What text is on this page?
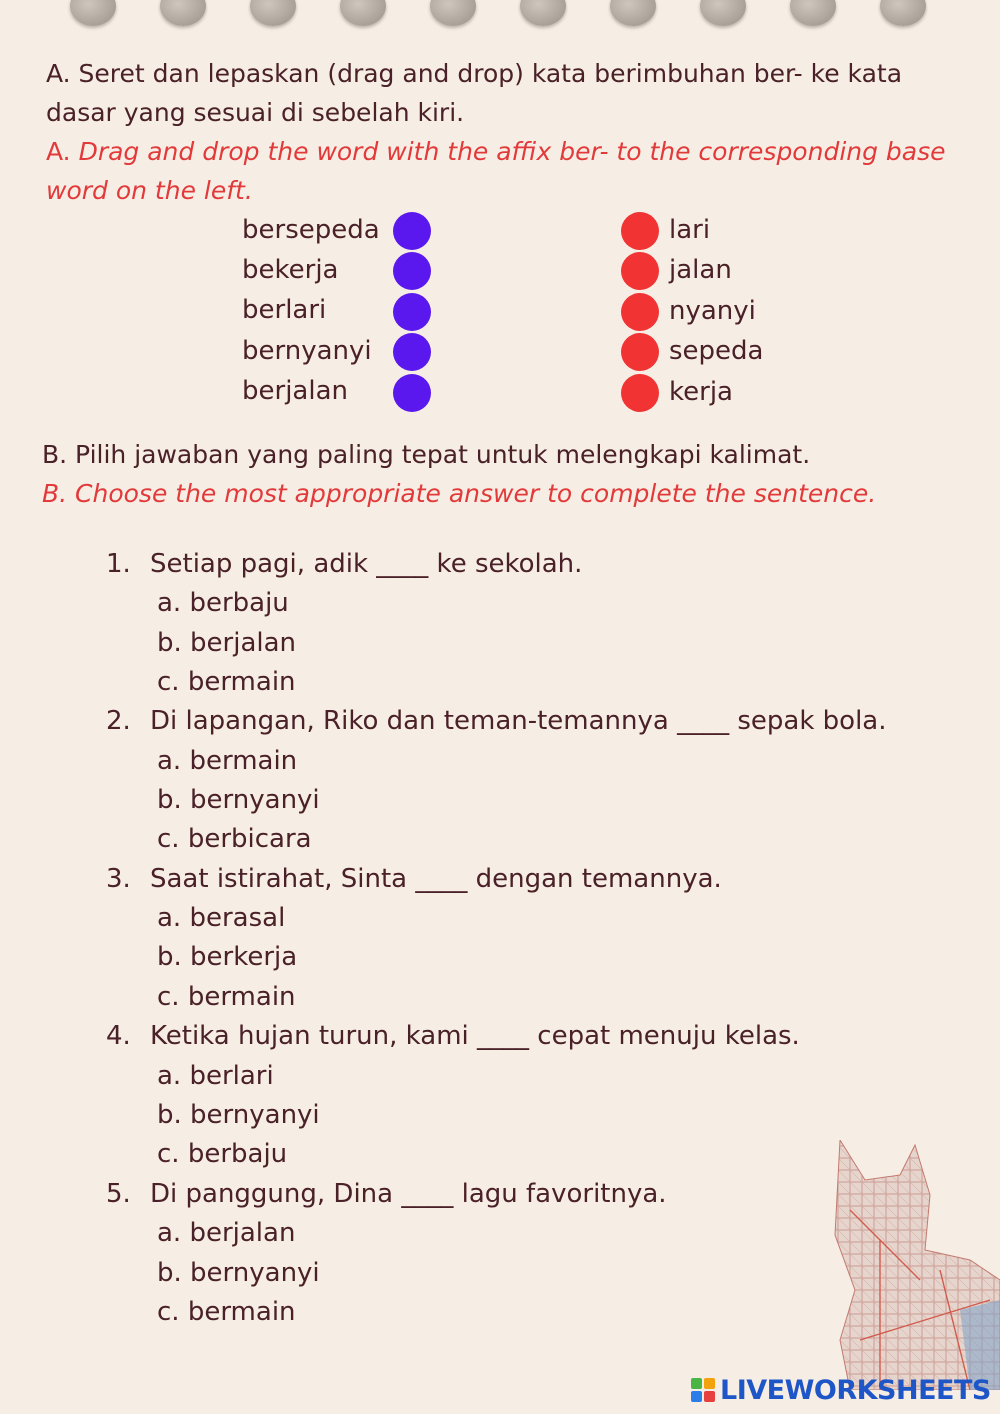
A. Seret dan lepaskan (drag and drop) kata berimbuhan ber- ke kata dasar yang sesuai di sebelah kiri.
A. Drag and drop the word with the affix ber- to the corresponding base word on the left.
bersepeda
bekerja
berlari
bernyanyi
berjalan
lari
jalan
nyanyi
sepeda
kerja
B. Pilih jawaban yang paling tepat untuk melengkapi kalimat.
B. Choose the most appropriate answer to complete the sentence.
1. Setiap pagi, adik ____ ke sekolah.
a. berbaju
b. berjalan
c. bermain
2. Di lapangan, Riko dan teman-temannya ____ sepak bola.
a. bermain
b. bernyanyi
c. berbicara
3. Saat istirahat, Sinta ____ dengan temannya.
a. berasal
b. berkerja
c. bermain
4. Ketika hujan turun, kami ____ cepat menuju kelas.
a. berlari
b. bernyanyi
c. berbaju
5. Di panggung, Dina ____ lagu favoritnya.
a. berjalan
b. bernyanyi
c. bermain
LIVEWORKSHEETS
